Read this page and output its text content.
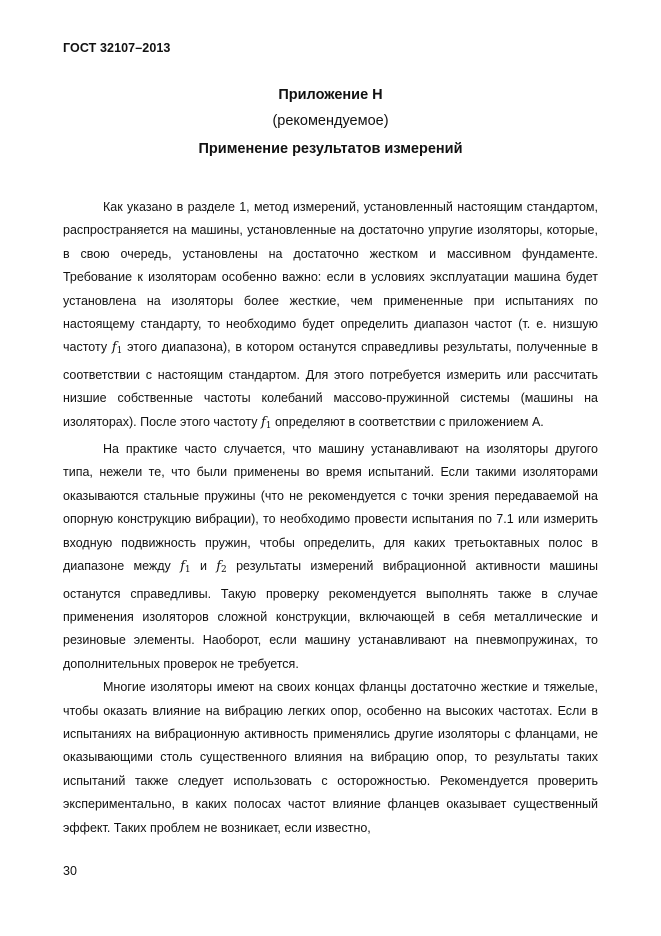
ГОСТ 32107–2013

Приложение Н

(рекомендуемое)

Применение результатов измерений

Как указано в разделе 1, метод измерений, установленный настоящим стандартом, распространяется на машины, установленные на достаточно упругие изоляторы, которые, в свою очередь, установлены на достаточно жестком и массивном фундаменте. Требование к изоляторам особенно важно: если в условиях эксплуатации машина будет установлена на изоляторы более жесткие, чем примененные при испытаниях по настоящему стандарту, то необходимо будет определить диапазон частот (т. е. низшую частоту $f_1$ этого диапазона), в котором останутся справедливы результаты, полученные в соответствии с настоящим стандартом. Для этого потребуется измерить или рассчитать низшие собственные частоты колебаний массово-пружинной системы (машины на изоляторах). После этого частоту $f_1$ определяют в соответствии с приложением А.

На практике часто случается, что машину устанавливают на изоляторы другого типа, нежели те, что были применены во время испытаний. Если такими изоляторами оказываются стальные пружины (что не рекомендуется с точки зрения передаваемой на опорную конструкцию вибрации), то необходимо провести испытания по 7.1 или измерить входную подвижность пружин, чтобы определить, для каких третьоктавных полос в диапазоне между $f_1$ и $f_2$ результаты измерений вибрационной активности машины останутся справедливы. Такую проверку рекомендуется выполнять также в случае применения изоляторов сложной конструкции, включающей в себя металлические и резиновые элементы. Наоборот, если машину устанавливают на пневмопружинах, то дополнительных проверок не требуется.

Многие изоляторы имеют на своих концах фланцы достаточно жесткие и тяжелые, чтобы оказать влияние на вибрацию легких опор, особенно на высоких частотах. Если в испытаниях на вибрационную активность применялись другие изоляторы с фланцами, не оказывающими столь существенного влияния на вибрацию опор, то результаты таких испытаний также следует использовать с осторожностью. Рекомендуется проверить экспериментально, в каких полосах частот влияние фланцев оказывает существенный эффект. Таких проблем не возникает, если известно,

30
